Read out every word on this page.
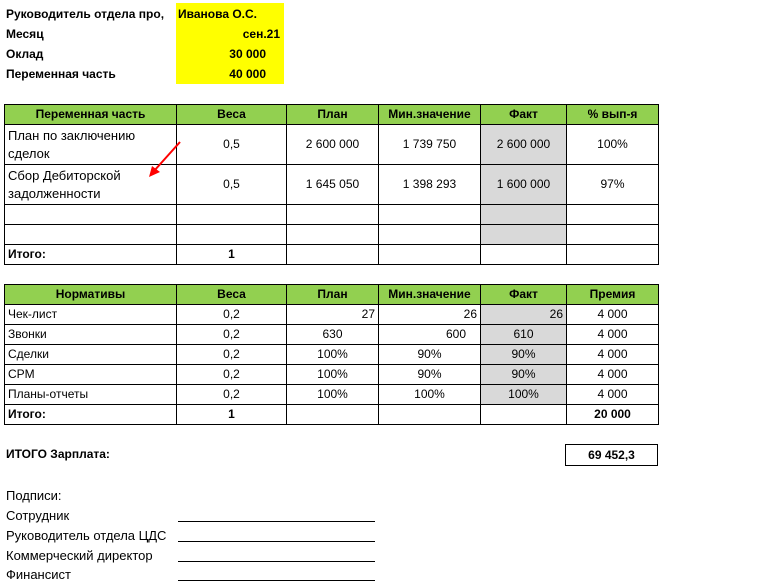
Руководитель отдела про, Иванова О.С.
Месяц	сен.21
Оклад	30 000
Переменная часть	40 000
Переменная часть	Веса	План	Мин.значение	Факт	% вып-я	
План по заключению сделок	0,5	2 600 000	1 739 750	2 600 000	100%	
Сбор Дебиторской задолженности	0,5	1 645 050	1 398 293	1 600 000	97%	

Итого:	1					
Нормативы	Веса	План	Мин.значение	Факт	Премия
Чек-лист	0,2	27	26	26	4 000
Звонки	0,2	630	600	610	4 000
Сделки	0,2	100%	90%	90%	4 000
CPM	0,2	100%	90%	90%	4 000
Планы-отчеты	0,2	100%	100%	100%	4 000
Итого:	1				20 000
ИТОГО Зарплата:	69 452,3
Подписи:
Сотрудник
Руководитель отдела ЦДС
Коммерческий директор
Финансист
